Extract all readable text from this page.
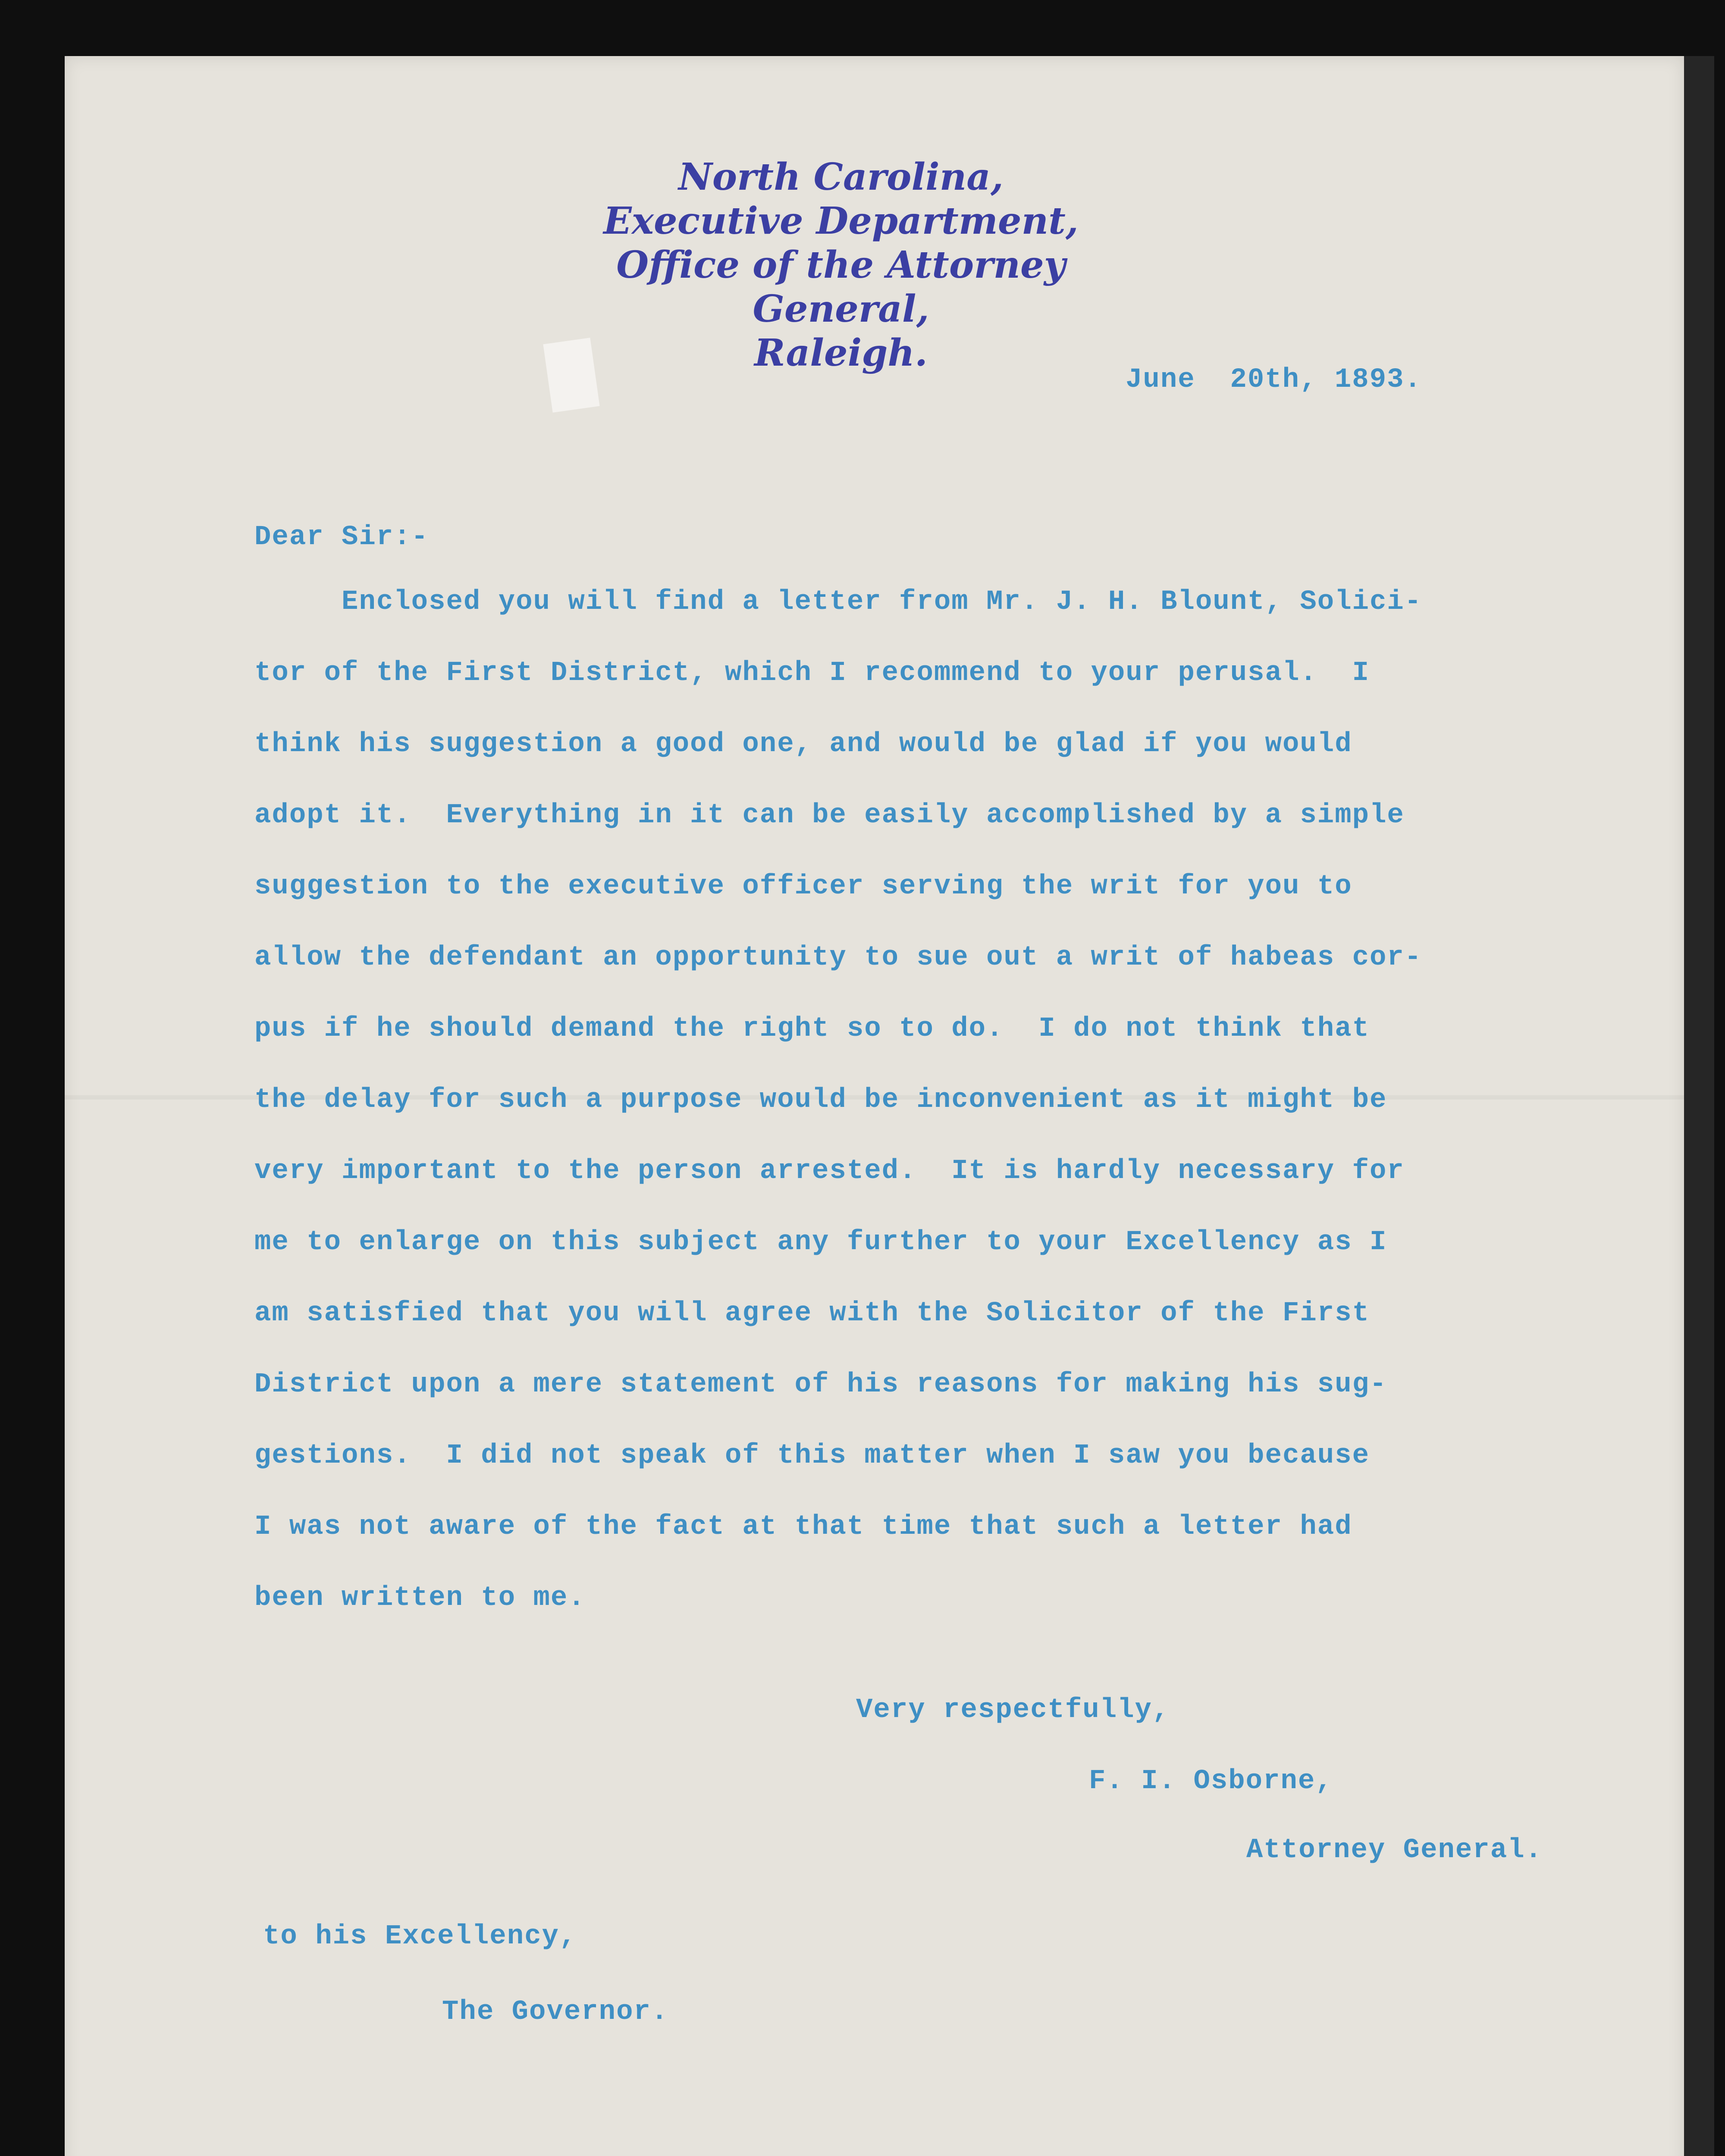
North Carolina,
Executive Department,
Office of the Attorney General,
Raleigh.
June  20th, 1893.
Dear Sir:-
Enclosed you will find a letter from Mr. J. H. Blount, Solici-
tor of the First District, which I recommend to your perusal.  I
think his suggestion a good one, and would be glad if you would
adopt it.  Everything in it can be easily accomplished by a simple
suggestion to the executive officer serving the writ for you to
allow the defendant an opportunity to sue out a writ of habeas cor-
pus if he should demand the right so to do.  I do not think that
the delay for such a purpose would be inconvenient as it might be
very important to the person arrested.  It is hardly necessary for
me to enlarge on this subject any further to your Excellency as I
am satisfied that you will agree with the Solicitor of the First
District upon a mere statement of his reasons for making his sug-
gestions.  I did not speak of this matter when I saw you because
I was not aware of the fact at that time that such a letter had
been written to me.
Very respectfully,
F. I. Osborne,
Attorney General.
to his Excellency,
The Governor.
